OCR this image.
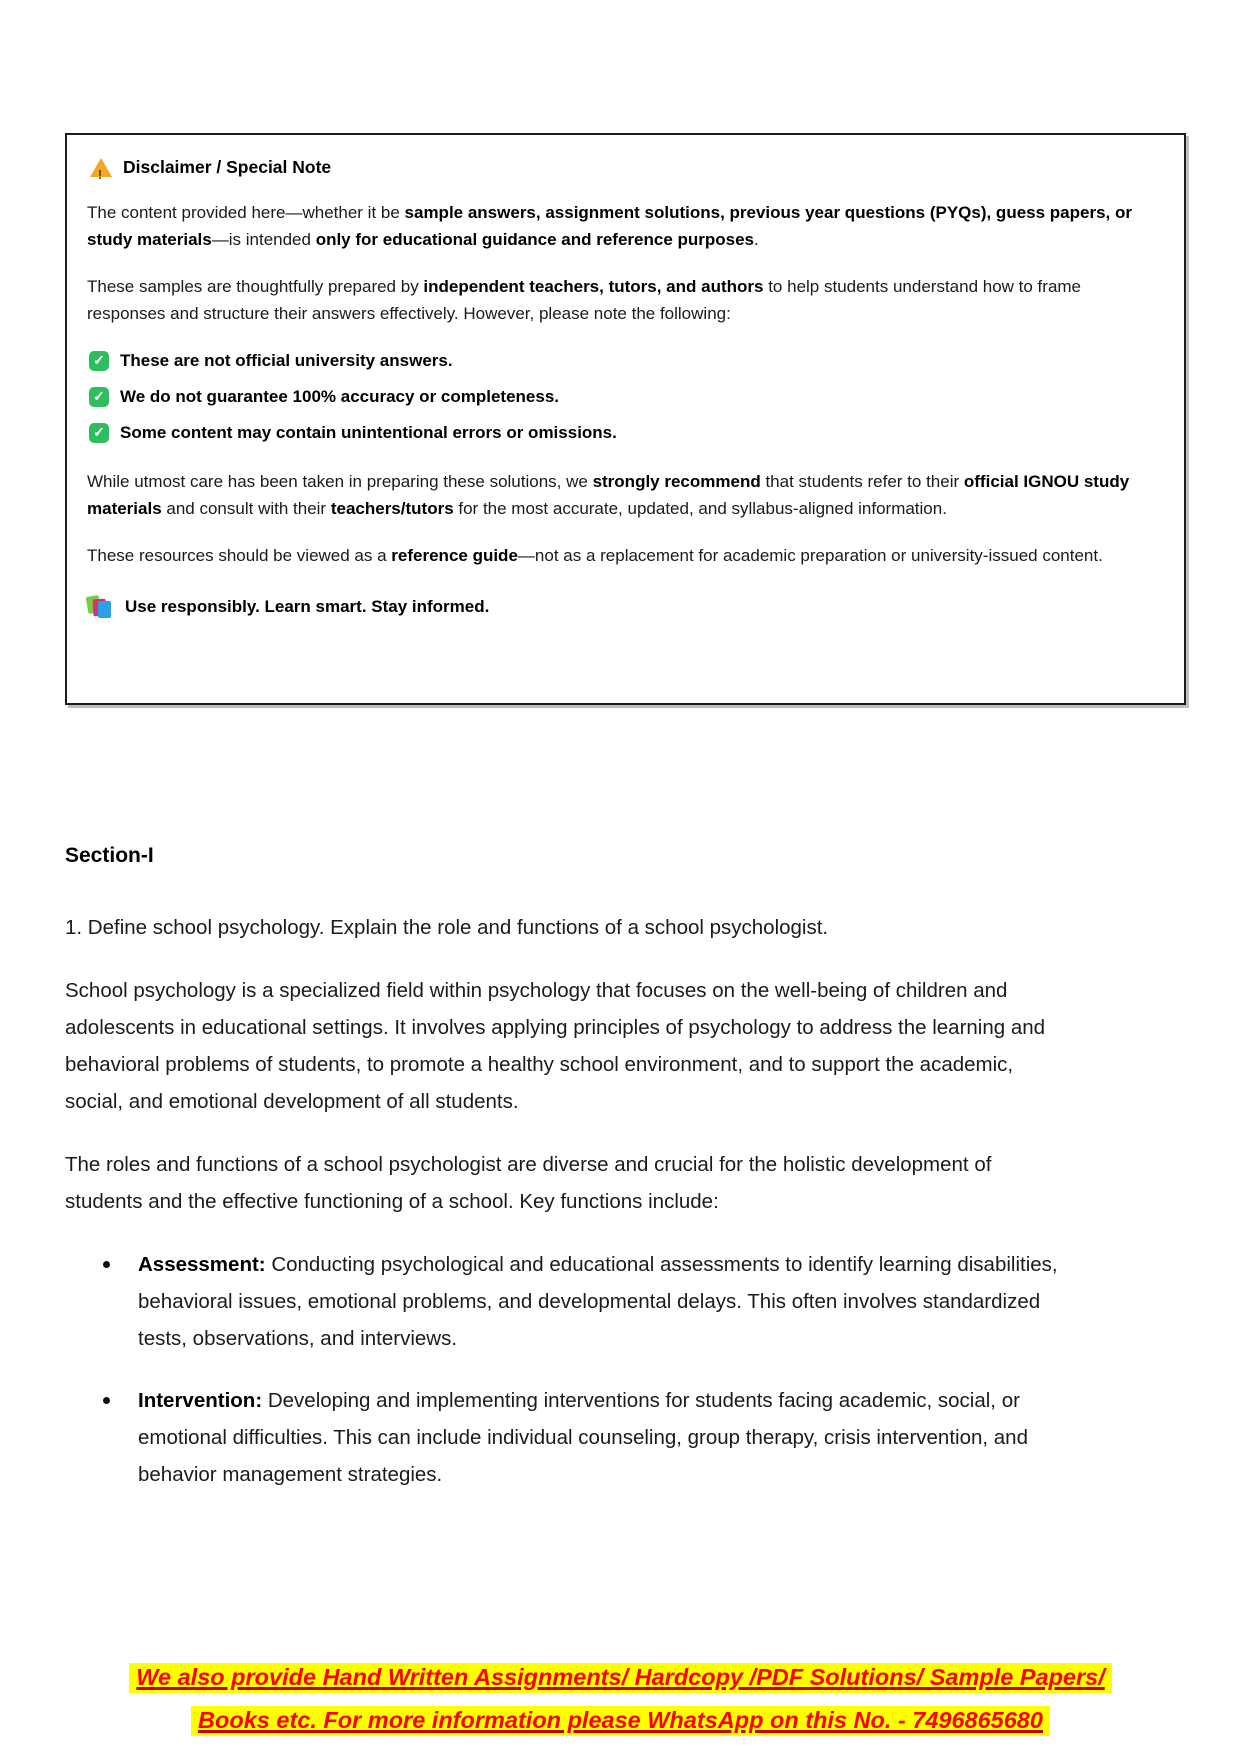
!
Disclaimer / Special Note

The content provided here—whether it be sample answers, assignment solutions, previous year questions (PYQs), guess papers, or study materials—is intended only for educational guidance and reference purposes.

These samples are thoughtfully prepared by independent teachers, tutors, and authors to help students understand how to frame responses and structure their answers effectively. However, please note the following:

✓
These are not official university answers.
✓
We do not guarantee 100% accuracy or completeness.
✓
Some content may contain unintentional errors or omissions.

While utmost care has been taken in preparing these solutions, we strongly recommend that students refer to their official IGNOU study materials and consult with their teachers/tutors for the most accurate, updated, and syllabus-aligned information.

These resources should be viewed as a reference guide—not as a replacement for academic preparation or university-issued content.

Use responsibly. Learn smart. Stay informed.
Section-I

1. Define school psychology. Explain the role and functions of a school psychologist.

School psychology is a specialized field within psychology that focuses on the well-being of children and adolescents in educational settings. It involves applying principles of psychology to address the learning and behavioral problems of students, to promote a healthy school environment, and to support the academic, social, and emotional development of all students.

The roles and functions of a school psychologist are diverse and crucial for the holistic development of students and the effective functioning of a school. Key functions include:

Assessment: Conducting psychological and educational assessments to identify learning disabilities, behavioral issues, emotional problems, and developmental delays. This often involves standardized tests, observations, and interviews.
Intervention: Developing and implementing interventions for students facing academic, social, or emotional difficulties. This can include individual counseling, group therapy, crisis intervention, and behavior management strategies.
We also provide Hand Written Assignments/ Hardcopy /PDF Solutions/ Sample Papers/
Books etc. For more information please WhatsApp on this No. - 7496865680
